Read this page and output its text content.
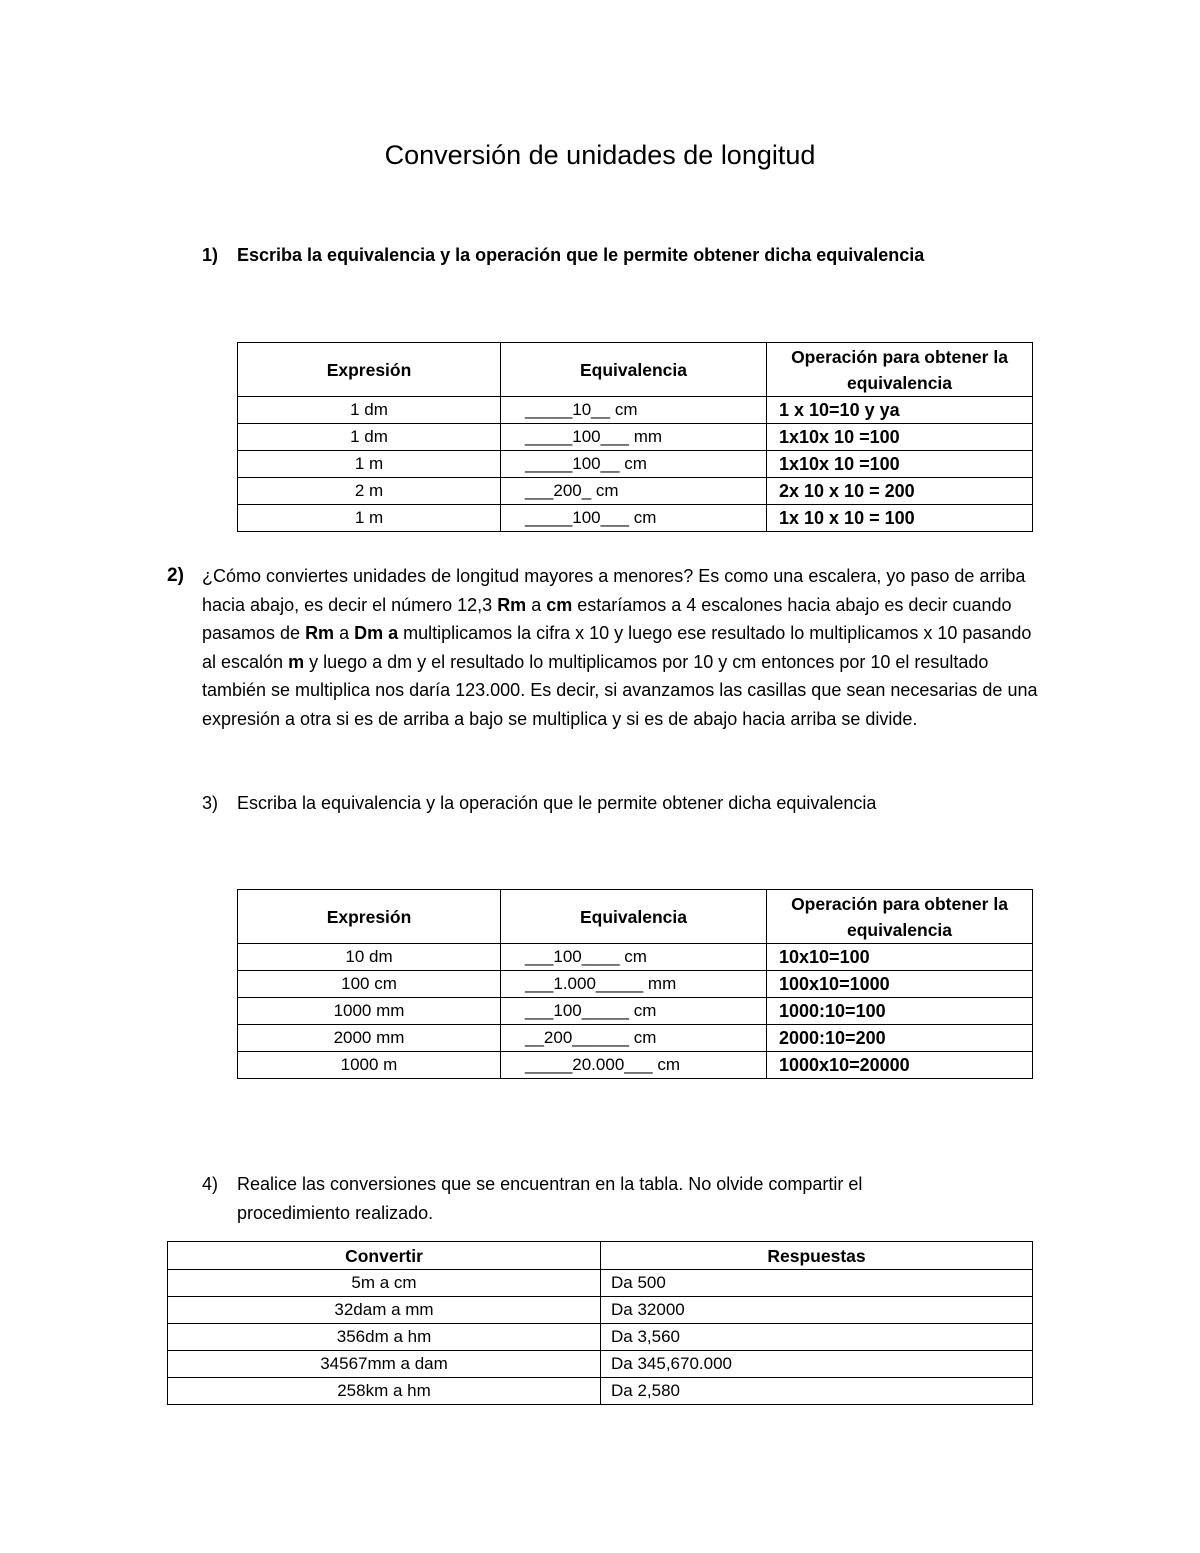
Conversión de unidades de longitud
1) Escriba la equivalencia y la operación que le permite obtener dicha equivalencia
Expresión	Equivalencia	Operación para obtener la equivalencia
1 dm	_____10__ cm	1 x 10=10 y ya
1 dm	_____100___ mm	1x10x 10 =100
1 m	_____100__ cm	1x10x 10 =100
2 m	___200_ cm	2x 10 x 10 = 200
1 m	_____100___ cm	1x 10 x 10 = 100
2) ¿Cómo conviertes unidades de longitud mayores a menores? Es como una escalera, yo paso de arriba hacia abajo, es decir el número 12,3 Rm a cm estaríamos a 4 escalones hacia abajo es decir cuando pasamos de Rm a Dm a multiplicamos la cifra x 10 y luego ese resultado lo multiplicamos x 10 pasando al escalón m y luego a dm y el resultado lo multiplicamos por 10 y cm entonces por 10 el resultado también se multiplica nos daría 123.000. Es decir, si avanzamos las casillas que sean necesarias de una expresión a otra si es de arriba a bajo se multiplica y si es de abajo hacia arriba se divide.
3) Escriba la equivalencia y la operación que le permite obtener dicha equivalencia
Expresión	Equivalencia	Operación para obtener la equivalencia
10 dm	___100____ cm	10x10=100
100 cm	___1.000_____ mm	100x10=1000
1000 mm	___100_____ cm	1000:10=100
2000 mm	__200______ cm	2000:10=200
1000 m	_____20.000___ cm	1000x10=20000
4) Realice las conversiones que se encuentran en la tabla. No olvide compartir el procedimiento realizado.
Convertir	Respuestas
5m a cm	Da 500
32dam a mm	Da 32000
356dm a hm	Da 3,560
34567mm a dam	Da 345,670.000
258km a hm	Da 2,580
